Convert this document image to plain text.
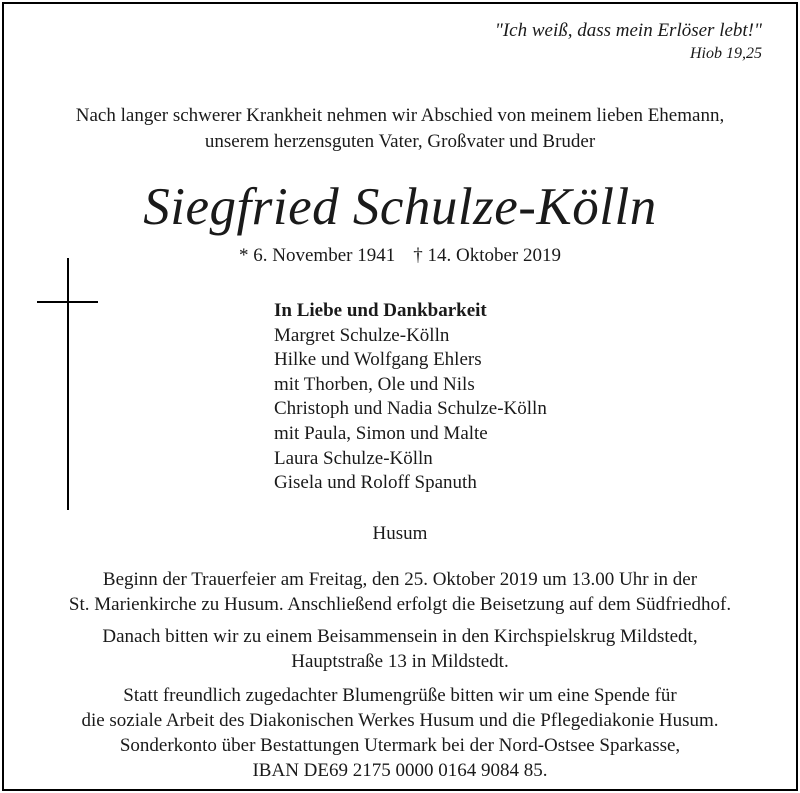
"Ich weiß, dass mein Erlöser lebt!"
Hiob 19,25
Nach langer schwerer Krankheit nehmen wir Abschied von meinem lieben Ehemann,
unserem herzensguten Vater, Großvater und Bruder
Siegfried Schulze-Kölln
* 6. November 1941 † 14. Oktober 2019
In Liebe und Dankbarkeit
Margret Schulze-Kölln
Hilke und Wolfgang Ehlers
mit Thorben, Ole und Nils
Christoph und Nadia Schulze-Kölln
mit Paula, Simon und Malte
Laura Schulze-Kölln
Gisela und Roloff Spanuth
Husum
Beginn der Trauerfeier am Freitag, den 25. Oktober 2019 um 13.00 Uhr in der
St. Marienkirche zu Husum. Anschließend erfolgt die Beisetzung auf dem Südfriedhof.
Danach bitten wir zu einem Beisammensein in den Kirchspielskrug Mildstedt,
Hauptstraße 13 in Mildstedt.
Statt freundlich zugedachter Blumengrüße bitten wir um eine Spende für
die soziale Arbeit des Diakonischen Werkes Husum und die Pflegediakonie Husum.
Sonderkonto über Bestattungen Utermark bei der Nord-Ostsee Sparkasse,
IBAN DE69 2175 0000 0164 9084 85.
